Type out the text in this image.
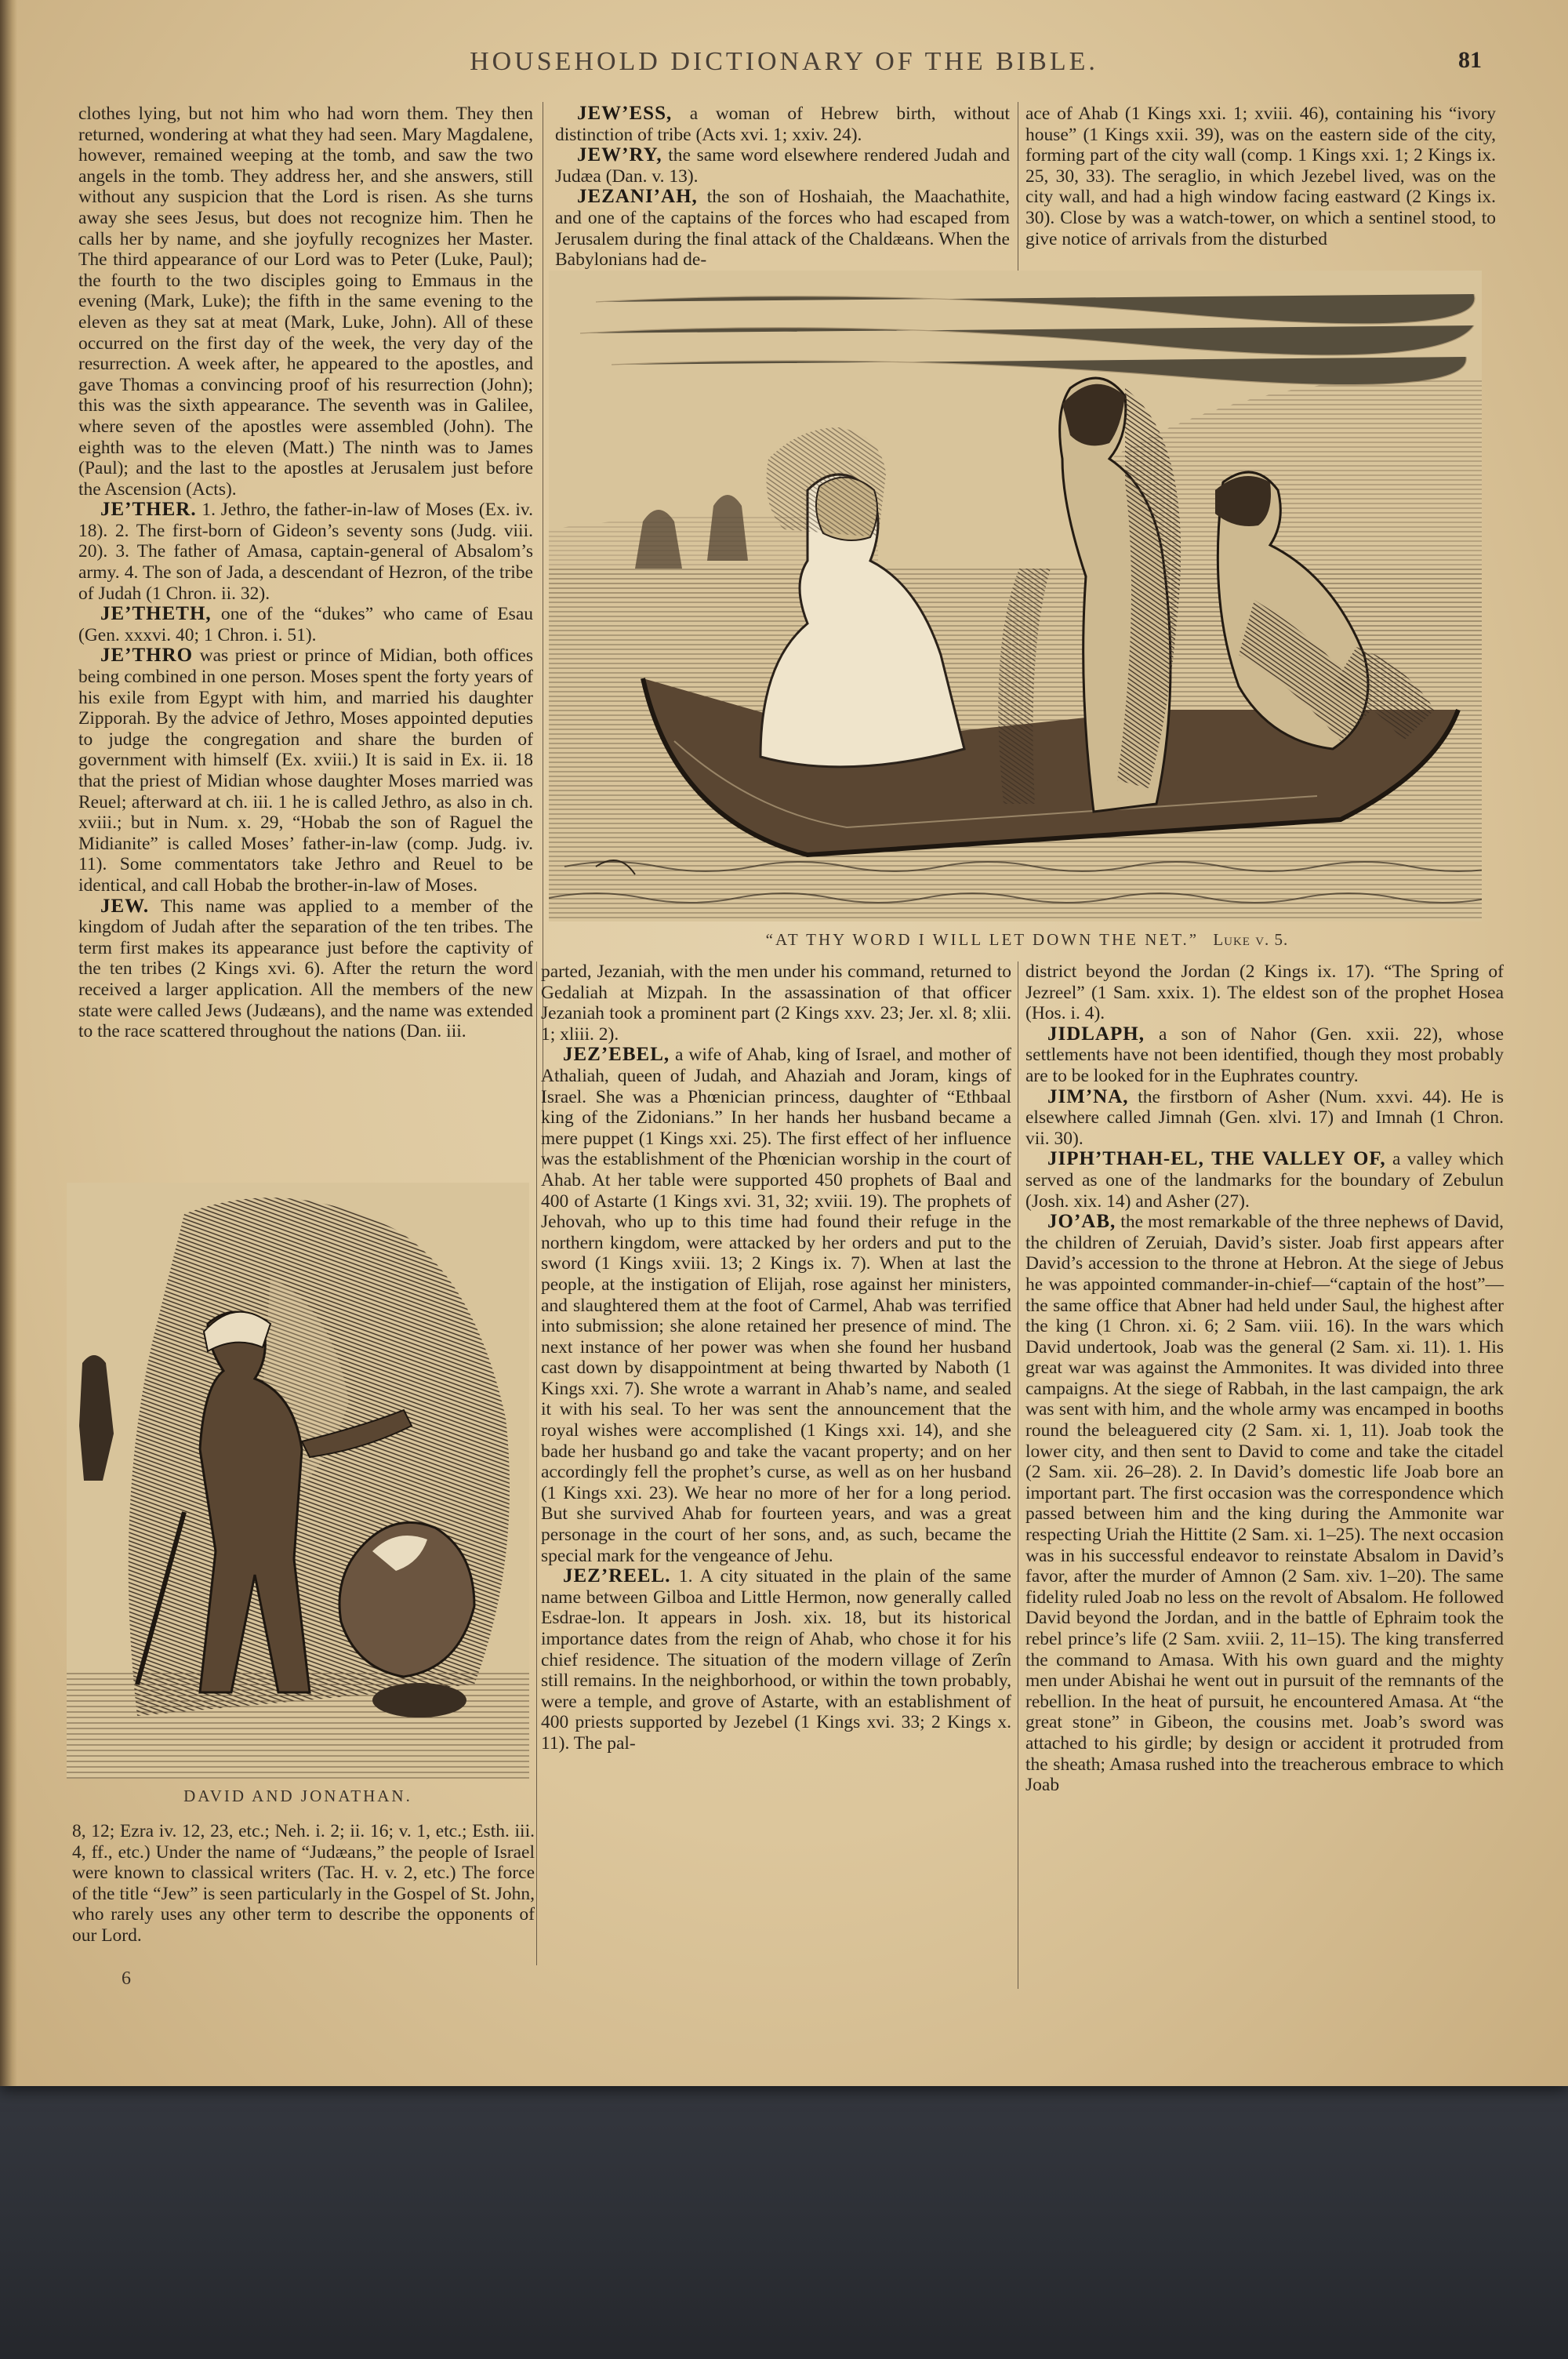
HOUSEHOLD DICTIONARY OF THE BIBLE.	81

clothes lying, but not him who had worn them. They then returned, wondering at what they had seen. Mary Magdalene, however, remained weeping at the tomb, and saw the two angels in the tomb. They address her, and she answers, still without any suspicion that the Lord is risen. As she turns away she sees Jesus, but does not recognize him. Then he calls her by name, and she joyfully recognizes her Master. The third appearance of our Lord was to Peter (Luke, Paul); the fourth to the two disciples going to Emmaus in the evening (Mark, Luke); the fifth in the same evening to the eleven as they sat at meat (Mark, Luke, John). All of these occurred on the first day of the week, the very day of the resurrection. A week after, he appeared to the apostles, and gave Thomas a convincing proof of his resurrection (John); this was the sixth appearance. The seventh was in Galilee, where seven of the apostles were assembled (John). The eighth was to the eleven (Matt.) The ninth was to James (Paul); and the last to the apostles at Jerusalem just before the Ascension (Acts).

JE’THER. 1. Jethro, the father-in-law of Moses (Ex. iv. 18). 2. The first-born of Gideon’s seventy sons (Judg. viii. 20). 3. The father of Amasa, captain-general of Absalom’s army. 4. The son of Jada, a descendant of Hezron, of the tribe of Judah (1 Chron. ii. 32).

JE’THETH, one of the “dukes” who came of Esau (Gen. xxxvi. 40; 1 Chron. i. 51).

JE’THRO was priest or prince of Midian, both offices being combined in one person. Moses spent the forty years of his exile from Egypt with him, and married his daughter Zipporah. By the advice of Jethro, Moses appointed deputies to judge the congregation and share the burden of government with himself (Ex. xviii.) It is said in Ex. ii. 18 that the priest of Midian whose daughter Moses married was Reuel; afterward at ch. iii. 1 he is called Jethro, as also in ch. xviii.; but in Num. x. 29, “Hobab the son of Raguel the Midianite” is called Moses’ father-in-law (comp. Judg. iv. 11). Some commentators take Jethro and Reuel to be identical, and call Hobab the brother-in-law of Moses.

JEW. This name was applied to a member of the kingdom of Judah after the separation of the ten tribes. The term first makes its appearance just before the captivity of the ten tribes (2 Kings xvi. 6). After the return the word received a larger application. All the members of the new state were called Jews (Judæans), and the name was extended to the race scattered throughout the nations (Dan. iii.

JEW’ESS, a woman of Hebrew birth, without distinction of tribe (Acts xvi. 1; xxiv. 24).

JEW’RY, the same word elsewhere rendered Judah and Judæa (Dan. v. 13).

JEZANI’AH, the son of Hoshaiah, the Maachathite, and one of the captains of the forces who had escaped from Jerusalem during the final attack of the Chaldæans. When the Babylonians had de-

ace of Ahab (1 Kings xxi. 1; xviii. 46), containing his “ivory house” (1 Kings xxii. 39), was on the eastern side of the city, forming part of the city wall (comp. 1 Kings xxi. 1; 2 Kings ix. 25, 30, 33). The seraglio, in which Jezebel lived, was on the city wall, and had a high window facing eastward (2 Kings ix. 30). Close by was a watch-tower, on which a sentinel stood, to give notice of arrivals from the disturbed

“AT THY WORD I WILL LET DOWN THE NET.” Luke v. 5.

parted, Jezaniah, with the men under his command, returned to Gedaliah at Mizpah. In the assassination of that officer Jezaniah took a prominent part (2 Kings xxv. 23; Jer. xl. 8; xlii. 1; xliii. 2).

JEZ’EBEL, a wife of Ahab, king of Israel, and mother of Athaliah, queen of Judah, and Ahaziah and Joram, kings of Israel. She was a Phœnician princess, daughter of “Ethbaal king of the Zidonians.” In her hands her husband became a mere puppet (1 Kings xxi. 25). The first effect of her influence was the establishment of the Phœnician worship in the court of Ahab. At her table were supported 450 prophets of Baal and 400 of Astarte (1 Kings xvi. 31, 32; xviii. 19). The prophets of Jehovah, who up to this time had found their refuge in the northern kingdom, were attacked by her orders and put to the sword (1 Kings xviii. 13; 2 Kings ix. 7). When at last the people, at the instigation of Elijah, rose against her ministers, and slaughtered them at the foot of Carmel, Ahab was terrified into submission; she alone retained her presence of mind. The next instance of her power was when she found her husband cast down by disappointment at being thwarted by Naboth (1 Kings xxi. 7). She wrote a warrant in Ahab’s name, and sealed it with his seal. To her was sent the announcement that the royal wishes were accomplished (1 Kings xxi. 14), and she bade her husband go and take the vacant property; and on her accordingly fell the prophet’s curse, as well as on her husband (1 Kings xxi. 23). We hear no more of her for a long period. But she survived Ahab for fourteen years, and was a great personage in the court of her sons, and, as such, became the special mark for the vengeance of Jehu.

JEZ’REEL. 1. A city situated in the plain of the same name between Gilboa and Little Hermon, now generally called Esdrae-lon. It appears in Josh. xix. 18, but its historical importance dates from the reign of Ahab, who chose it for his chief residence. The situation of the modern village of Zerîn still remains. In the neighborhood, or within the town probably, were a temple, and grove of Astarte, with an establishment of 400 priests supported by Jezebel (1 Kings xvi. 33; 2 Kings x. 11). The pal-

district beyond the Jordan (2 Kings ix. 17). “The Spring of Jezreel” (1 Sam. xxix. 1). The eldest son of the prophet Hosea (Hos. i. 4).

JIDLAPH, a son of Nahor (Gen. xxii. 22), whose settlements have not been identified, though they most probably are to be looked for in the Euphrates country.

JIM’NA, the firstborn of Asher (Num. xxvi. 44). He is elsewhere called Jimnah (Gen. xlvi. 17) and Imnah (1 Chron. vii. 30).

JIPH’THAH-EL, THE VALLEY OF, a valley which served as one of the landmarks for the boundary of Zebulun (Josh. xix. 14) and Asher (27).

JO’AB, the most remarkable of the three nephews of David, the children of Zeruiah, David’s sister. Joab first appears after David’s accession to the throne at Hebron. At the siege of Jebus he was appointed commander-in-chief—“captain of the host”—the same office that Abner had held under Saul, the highest after the king (1 Chron. xi. 6; 2 Sam. viii. 16). In the wars which David undertook, Joab was the general (2 Sam. xi. 11). 1. His great war was against the Ammonites. It was divided into three campaigns. At the siege of Rabbah, in the last campaign, the ark was sent with him, and the whole army was encamped in booths round the beleaguered city (2 Sam. xi. 1, 11). Joab took the lower city, and then sent to David to come and take the citadel (2 Sam. xii. 26–28). 2. In David’s domestic life Joab bore an important part. The first occasion was the correspondence which passed between him and the king during the Ammonite war respecting Uriah the Hittite (2 Sam. xi. 1–25). The next occasion was in his successful endeavor to reinstate Absalom in David’s favor, after the murder of Amnon (2 Sam. xiv. 1–20). The same fidelity ruled Joab no less on the revolt of Absalom. He followed David beyond the Jordan, and in the battle of Ephraim took the rebel prince’s life (2 Sam. xviii. 2, 11–15). The king transferred the command to Amasa. With his own guard and the mighty men under Abishai he went out in pursuit of the remnants of the rebellion. In the heat of pursuit, he encountered Amasa. At “the great stone” in Gibeon, the cousins met. Joab’s sword was attached to his girdle; by design or accident it protruded from the sheath; Amasa rushed into the treacherous embrace to which Joab

DAVID AND JONATHAN.

8, 12; Ezra iv. 12, 23, etc.; Neh. i. 2; ii. 16; v. 1, etc.; Esth. iii. 4, ff., etc.) Under the name of “Judæans,” the people of Israel were known to classical writers (Tac. H. v. 2, etc.) The force of the title “Jew” is seen particularly in the Gospel of St. John, who rarely uses any other term to describe the opponents of our Lord.

6
